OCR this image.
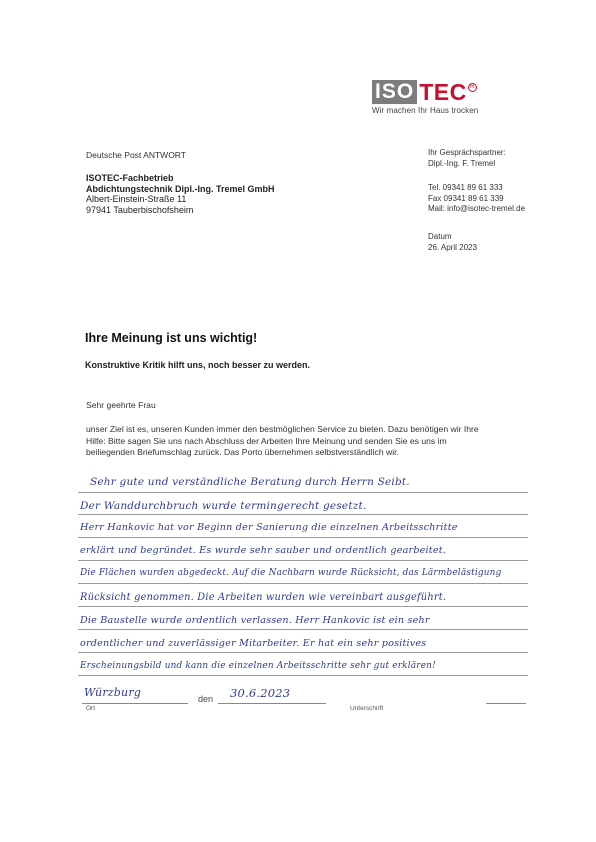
ISO TEC R
Wir machen Ihr Haus trocken
Deutsche Post ANTWORT
ISOTEC-Fachbetrieb
Abdichtungstechnik Dipl.-Ing. Tremel GmbH
Albert-Einstein-Straße 11
97941 Tauberbischofsheim
Ihr Gesprächspartner:
Dipl.-Ing. F. Tremel
Tel. 09341 89 61 333
Fax 09341 89 61 339
Mail: info@isotec-tremel.de
Datum
26. April 2023
Ihre Meinung ist uns wichtig!
Konstruktive Kritik hilft uns, noch besser zu werden.
Sehr geehrte Frau
unser Ziel ist es, unseren Kunden immer den bestmöglichen Service zu bieten. Dazu benötigen wir Ihre
Hilfe: Bitte sagen Sie uns nach Abschluss der Arbeiten Ihre Meinung und senden Sie es uns im
beiliegenden Briefumschlag zurück. Das Porto übernehmen selbstverständlich wir.
Sehr gute und verständliche Beratung durch Herrn Seibt.
Der Wanddurchbruch wurde termingerecht gesetzt.
Herr Hankovic hat vor Beginn der Sanierung die einzelnen Arbeitsschritte
erklärt und begründet. Es wurde sehr sauber und ordentlich gearbeitet.
Die Flächen wurden abgedeckt. Auf die Nachbarn wurde Rücksicht, das Lärmbelästigung
Rücksicht genommen. Die Arbeiten wurden wie vereinbart ausgeführt.
Die Baustelle wurde ordentlich verlassen. Herr Hankovic ist ein sehr
ordentlicher und zuverlässiger Mitarbeiter. Er hat ein sehr positives
Erscheinungsbild und kann die einzelnen Arbeitsschritte sehr gut erklären!
Würzburg	den 30.6.2023
Ort	Unterschrift
